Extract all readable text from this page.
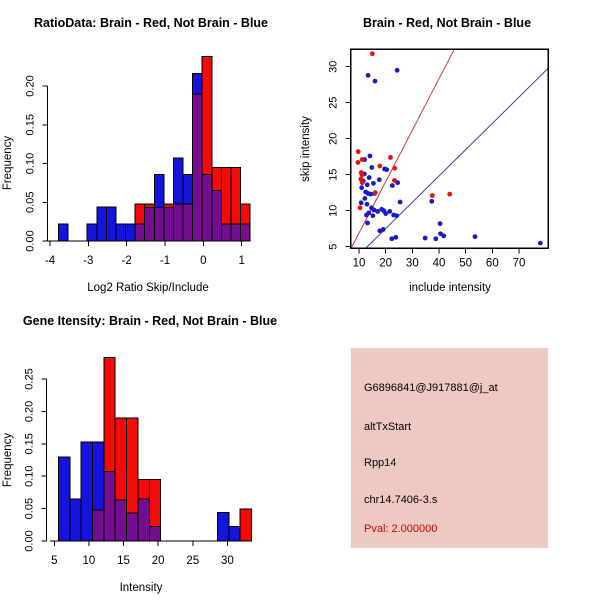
-4 -3 -2 -1	0	1
0.00
0.05
0.10
0.15
0.20
RatioData: Brain - Red, Not Brain - Blue
Log2 Ratio Skip/Include
Frequency
10 20 30 40 50 60 70
5
10
15
20
25
30
Brain - Red, Not Brain - Blue
include intensity
skip intensity
5 10 15 20 25 30
0.00
0.05
0.10
0.15
0.20
0.25
Gene Itensity: Brain - Red, Not Brain - Blue
Intensity
Frequency
G6896841@J917881@j_at
altTxStart
Rpp14
chr14.7406-3.s
Pval: 2.000000
